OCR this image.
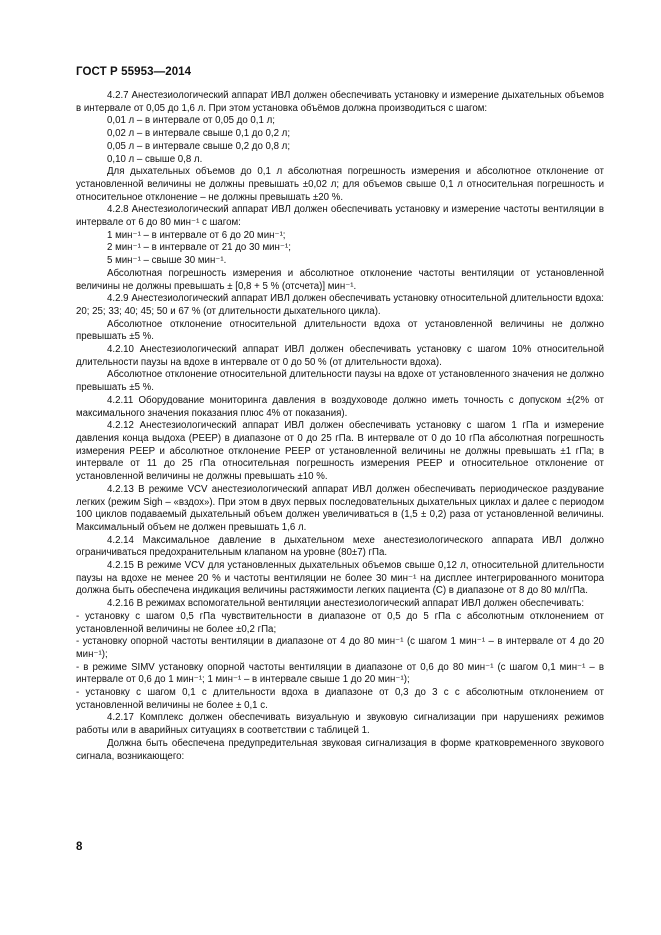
ГОСТ Р 55953—2014

4.2.7 Анестезиологический аппарат ИВЛ должен обеспечивать установку и измерение дыхательных объемов в интервале от 0,05 до 1,6 л. При этом установка объёмов должна производиться с шагом:

0,01 л – в интервале от 0,05 до 0,1 л;

0,02 л – в интервале свыше 0,1 до 0,2 л;

0,05 л – в интервале свыше 0,2 до 0,8 л;

0,10 л – свыше 0,8 л.

Для дыхательных объемов до 0,1 л абсолютная погрешность измерения и абсолютное отклонение от установленной величины не должны превышать ±0,02 л; для объемов свыше 0,1 л относительная погрешность и относительное отклонение – не должны превышать ±20 %.

4.2.8 Анестезиологический аппарат ИВЛ должен обеспечивать установку и измерение частоты вентиляции в интервале от 6 до 80 мин⁻¹ с шагом:

1 мин⁻¹ – в интервале от 6 до 20 мин⁻¹;

2 мин⁻¹ – в интервале от 21 до 30 мин⁻¹;

5 мин⁻¹ – свыше 30 мин⁻¹.

Абсолютная погрешность измерения и абсолютное отклонение частоты вентиляции от установленной величины не должны превышать ± [0,8 + 5 % (отсчета)] мин⁻¹.

4.2.9 Анестезиологический аппарат ИВЛ должен обеспечивать установку относительной длительности вдоха: 20; 25; 33; 40; 45; 50 и 67 % (от длительности дыхательного цикла).

Абсолютное отклонение относительной длительности вдоха от установленной величины не должно превышать ±5 %.

4.2.10 Анестезиологический аппарат ИВЛ должен обеспечивать установку с шагом 10% относительной длительности паузы на вдохе в интервале от 0 до 50 % (от длительности вдоха).

Абсолютное отклонение относительной длительности паузы на вдохе от установленного значения не должно превышать ±5 %.

4.2.11 Оборудование мониторинга давления в воздуховоде должно иметь точность с допуском ±(2% от максимального значения показания плюс 4% от показания).

4.2.12 Анестезиологический аппарат ИВЛ должен обеспечивать установку с шагом 1 гПа и измерение давления конца выдоха (PEEP) в диапазоне от 0 до 25 гПа. В интервале от 0 до 10 гПа абсолютная погрешность измерения PEEP и абсолютное отклонение PEEP от установленной величины не должны превышать ±1 гПа; в интервале от 11 до 25 гПа относительная погрешность измерения PEEP и относительное отклонение от установленной величины не должны превышать ±10 %.

4.2.13 В режиме VCV анестезиологический аппарат ИВЛ должен обеспечивать периодическое раздувание легких (режим Sigh – «вздох»). При этом в двух первых последовательных дыхательных циклах и далее с периодом 100 циклов подаваемый дыхательный объем должен увеличиваться в (1,5 ± 0,2) раза от установленной величины. Максимальный объем не должен превышать 1,6 л.

4.2.14 Максимальное давление в дыхательном мехе анестезиологического аппарата ИВЛ должно ограничиваться предохранительным клапаном на уровне (80±7) гПа.

4.2.15 В режиме VCV для установленных дыхательных объемов свыше 0,12 л, относительной длительности паузы на вдохе не менее 20 % и частоты вентиляции не более 30 мин⁻¹ на дисплее интегрированного монитора должна быть обеспечена индикация величины растяжимости легких пациента (С) в диапазоне от 8 до 80 мл/гПа.

4.2.16 В режимах вспомогательной вентиляции анестезиологический аппарат ИВЛ должен обеспечивать:

- установку с шагом 0,5 гПа чувствительности в диапазоне от 0,5 до 5 гПа с абсолютным отклонением от установленной величины не более ±0,2 гПа;

- установку опорной частоты вентиляции в диапазоне от 4 до 80 мин⁻¹ (с шагом 1 мин⁻¹ – в интервале от 4 до 20 мин⁻¹);

- в режиме SIMV установку опорной частоты вентиляции в диапазоне от 0,6 до 80 мин⁻¹ (с шагом 0,1 мин⁻¹ – в интервале от 0,6 до 1 мин⁻¹; 1 мин⁻¹ – в интервале свыше 1 до 20 мин⁻¹);

- установку с шагом 0,1 с длительности вдоха в диапазоне от 0,3 до 3 с с абсолютным отклонением от установленной величины не более ± 0,1 с.

4.2.17 Комплекс должен обеспечивать визуальную и звуковую сигнализации при нарушениях режимов работы или в аварийных ситуациях в соответствии с таблицей 1.

Должна быть обеспечена предупредительная звуковая сигнализация в форме кратковременного звукового сигнала, возникающего:

8
